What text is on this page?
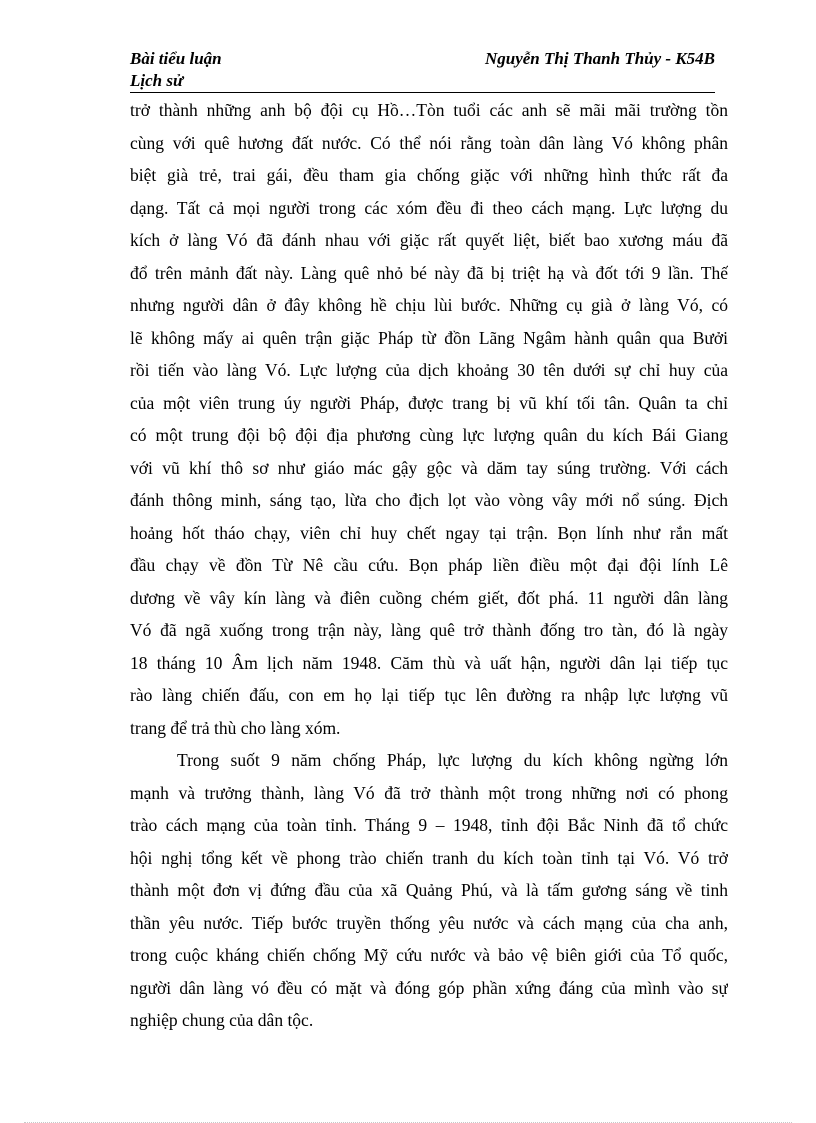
Bài tiểu luận
Lịch sử
Nguyễn Thị Thanh Thủy - K54B
trở thành những anh bộ đội cụ Hồ…Tòn tuổi các anh sẽ mãi mãi trường tồn
cùng với quê hương đất nước. Có thể nói rằng toàn dân làng Vó không phân
biệt già trẻ, trai gái, đều tham gia chống giặc với những hình thức rất đa
dạng. Tất cả mọi người trong các xóm đều đi theo cách mạng. Lực lượng du
kích ở làng Vó đã đánh nhau với giặc rất quyết liệt, biết bao xương máu đã
đổ trên mảnh đất này. Làng quê nhỏ bé này đã bị triệt hạ và đốt tới 9 lần. Thế
nhưng người dân ở đây không hề chịu lùi bước. Những cụ già ở làng Vó, có
lẽ không mấy ai quên trận giặc Pháp từ đồn Lãng Ngâm hành quân qua Bưởi
rồi tiến vào làng Vó. Lực lượng của dịch khoảng 30 tên dưới sự chỉ huy của
của một viên trung úy người Pháp, được trang bị vũ khí tối tân. Quân ta chỉ
có một trung đội bộ đội địa phương cùng lực lượng quân du kích Bái Giang
với vũ khí thô sơ như giáo mác gậy gộc và dăm tay súng trường. Với cách
đánh thông minh, sáng tạo, lừa cho địch lọt vào vòng vây mới nổ súng. Địch
hoảng hốt tháo chạy, viên chỉ huy chết ngay tại trận. Bọn lính như rắn mất
đầu chạy về đồn Từ Nê cầu cứu. Bọn pháp liền điều một đại đội lính Lê
dương về vây kín làng và điên cuồng chém giết, đốt phá. 11 người dân làng
Vó đã ngã xuống trong trận này, làng quê trở thành đống tro tàn, đó là ngày
18 tháng 10 Âm lịch năm 1948. Căm thù và uất hận, người dân lại tiếp tục
rào làng chiến đấu, con em họ lại tiếp tục lên đường ra nhập lực lượng vũ
trang để trả thù cho làng xóm.
Trong suốt 9 năm chống Pháp, lực lượng du kích không ngừng lớn
mạnh và trưởng thành, làng Vó đã trở thành một trong những nơi có phong
trào cách mạng của toàn tỉnh. Tháng 9 – 1948, tỉnh đội Bắc Ninh đã tổ chức
hội nghị tổng kết về phong trào chiến tranh du kích toàn tỉnh tại Vó. Vó trở
thành một đơn vị đứng đầu của xã Quảng Phú, và là tấm gương sáng về tinh
thần yêu nước. Tiếp bước truyền thống yêu nước và cách mạng của cha anh,
trong cuộc kháng chiến chống Mỹ cứu nước và bảo vệ biên giới của Tổ quốc,
người dân làng vó đều có mặt và đóng góp phần xứng đáng của mình vào sự
nghiệp chung của dân tộc.
